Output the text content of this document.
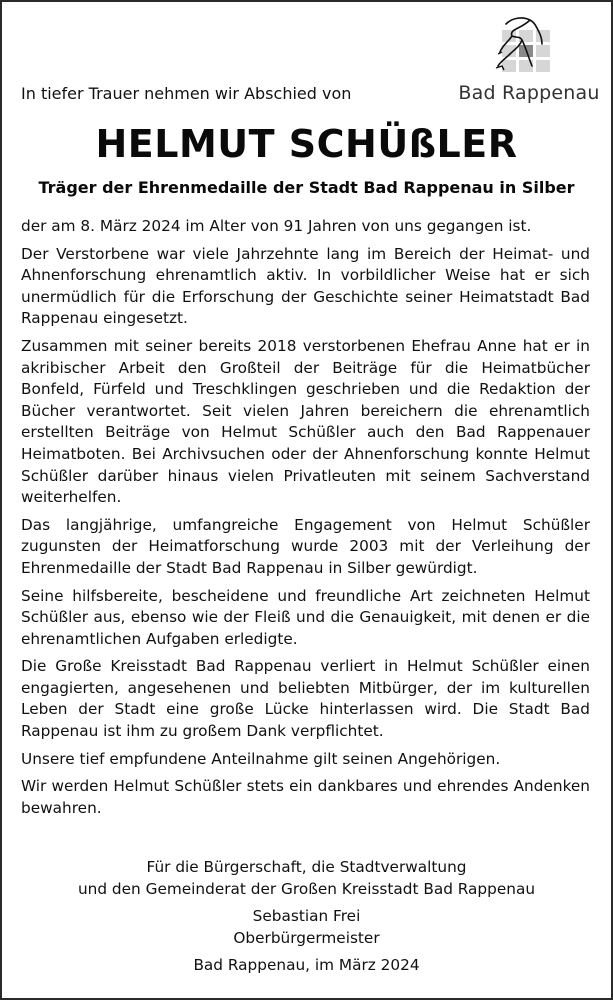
Bad Rappenau
In tiefer Trauer nehmen wir Abschied von
HELMUT SCHÜßLER
Träger der Ehrenmedaille der Stadt Bad Rappenau in Silber

der am 8. März 2024 im Alter von 91 Jahren von uns gegangen ist.

Der Verstorbene war viele Jahrzehnte lang im Bereich der Heimat- und Ahnenforschung ehrenamtlich aktiv. In vorbildlicher Weise hat er sich unermüdlich für die Erforschung der Geschichte seiner Heimatstadt Bad Rappenau eingesetzt.

Zusammen mit seiner bereits 2018 verstorbenen Ehefrau Anne hat er in akribischer Arbeit den Großteil der Beiträge für die Heimatbücher Bonfeld, Fürfeld und Treschklingen geschrieben und die Redaktion der Bücher verantwortet. Seit vielen Jahren bereichern die ehrenamtlich erstellten Beiträge von Helmut Schüßler auch den Bad Rappenauer Heimatboten. Bei Archivsuchen oder der Ahnenforschung konnte Helmut Schüßler darüber hinaus vielen Privatleuten mit seinem Sachverstand weiterhelfen.

Das langjährige, umfangreiche Engagement von Helmut Schüßler zugunsten der Heimatforschung wurde 2003 mit der Verleihung der Ehrenmedaille der Stadt Bad Rappenau in Silber gewürdigt.

Seine hilfsbereite, bescheidene und freundliche Art zeichneten Helmut Schüßler aus, ebenso wie der Fleiß und die Genauigkeit, mit denen er die ehrenamtlichen Aufgaben erledigte.

Die Große Kreisstadt Bad Rappenau verliert in Helmut Schüßler einen engagierten, angesehenen und beliebten Mitbürger, der im kulturellen Leben der Stadt eine große Lücke hinterlassen wird. Die Stadt Bad Rappenau ist ihm zu großem Dank verpflichtet.

Unsere tief empfundene Anteilnahme gilt seinen Angehörigen.

Wir werden Helmut Schüßler stets ein dankbares und ehrendes Andenken bewahren.

Für die Bürgerschaft, die Stadtverwaltung
und den Gemeinderat der Großen Kreisstadt Bad Rappenau
Sebastian Frei
Oberbürgermeister
Bad Rappenau, im März 2024
